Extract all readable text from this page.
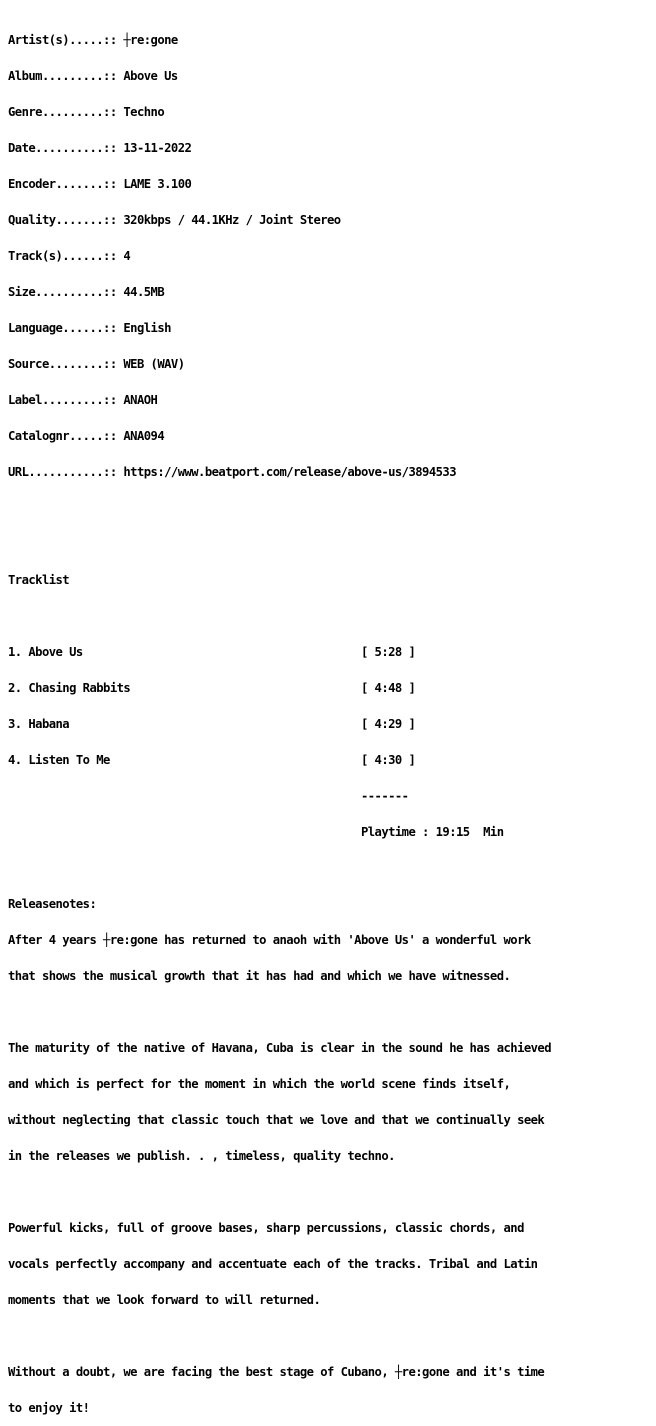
Artist(s).....:: ┼re:gone

Album.........:: Above Us

Genre.........:: Techno

Date..........:: 13-11-2022

Encoder.......:: LAME 3.100

Quality.......:: 320kbps / 44.1KHz / Joint Stereo

Track(s)......:: 4

Size..........:: 44.5MB

Language......:: English

Source........:: WEB (WAV)

Label.........:: ANAOH

Catalognr.....:: ANA094

URL...........:: https://www.beatport.com/release/above-us/3894533

Tracklist

1. Above Us                                         [ 5:28 ]

2. Chasing Rabbits                                  [ 4:48 ]

3. Habana                                           [ 4:29 ]

4. Listen To Me                                     [ 4:30 ]

-------

Playtime : 19:15  Min

Releasenotes:

After 4 years ┼re:gone has returned to anaoh with 'Above Us' a wonderful work

that shows the musical growth that it has had and which we have witnessed.

The maturity of the native of Havana, Cuba is clear in the sound he has achieved

and which is perfect for the moment in which the world scene finds itself,

without neglecting that classic touch that we love and that we continually seek

in the releases we publish. . , timeless, quality techno.

Powerful kicks, full of groove bases, sharp percussions, classic chords, and

vocals perfectly accompany and accentuate each of the tracks. Tribal and Latin

moments that we look forward to will returned.

Without a doubt, we are facing the best stage of Cubano, ┼re:gone and it's time

to enjoy it!
